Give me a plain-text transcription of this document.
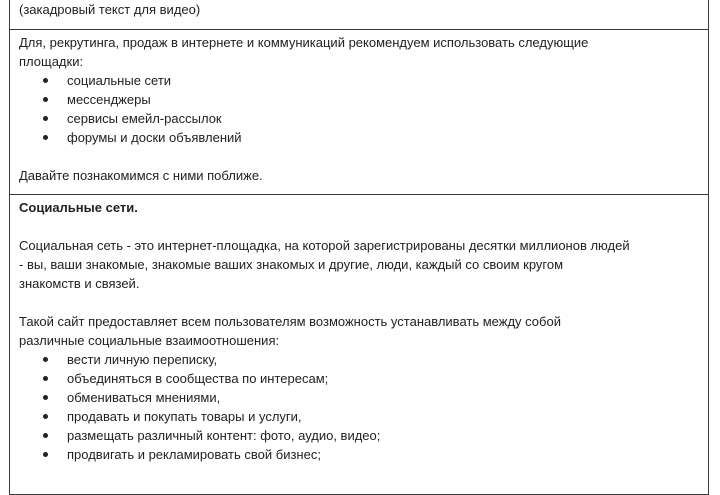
(закадровый текст для видео)

Для, рекрутинга, продаж в интернете и коммуникаций рекомендуем использовать следующие

площадки:

социальные сети
мессенджеры
сервисы емейл-рассылок
форумы и доски объявлений

Давайте познакомимся с ними поближе.

Социальные сети.

Социальная сеть - это интернет-площадка, на которой зарегистрированы десятки миллионов людей

- вы, ваши знакомые, знакомые ваших знакомых и другие, люди, каждый со своим кругом

знакомств и связей.

Такой сайт предоставляет всем пользователям возможность устанавливать между собой

различные социальные взаимоотношения:

вести личную переписку,
объединяться в сообщества по интересам;
обмениваться мнениями,
продавать и покупать товары и услуги,
размещать различный контент: фото, аудио, видео;
продвигать и рекламировать свой бизнес;
